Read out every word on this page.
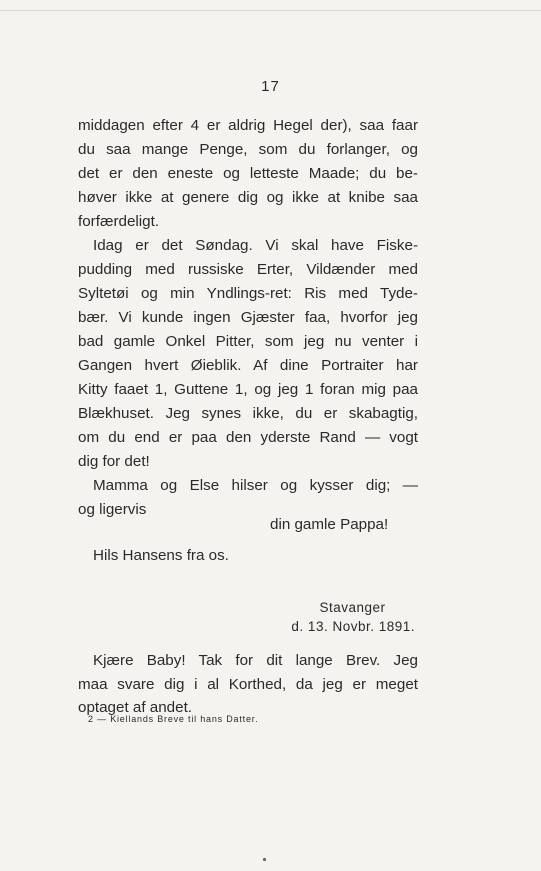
17
middagen efter 4 er aldrig Hegel der), saa faar
du saa mange Penge, som du forlanger, og
det er den eneste og letteste Maade; du be-
høver ikke at genere dig og ikke at knibe saa
forfærdeligt.
Idag er det Søndag. Vi skal have Fiske-
pudding med russiske Erter, Vildænder med
Syltetøi og min Yndlings-ret: Ris med Tyde-
bær. Vi kunde ingen Gjæster faa, hvorfor jeg
bad gamle Onkel Pitter, som jeg nu venter i
Gangen hvert Øieblik. Af dine Portraiter har
Kitty faaet 1, Guttene 1, og jeg 1 foran mig paa
Blækhuset. Jeg synes ikke, du er skabagtig,
om du end er paa den yderste Rand — vogt
dig for det!
Mamma og Else hilser og kysser dig; —
og ligervis
din gamle Pappa!
Hils Hansens fra os.
Stavanger
d. 13. Novbr. 1891.
Kjære Baby! Tak for dit lange Brev. Jeg
maa svare dig i al Korthed, da jeg er meget
optaget af andet.
2 — Kiellands Breve til hans Datter.
